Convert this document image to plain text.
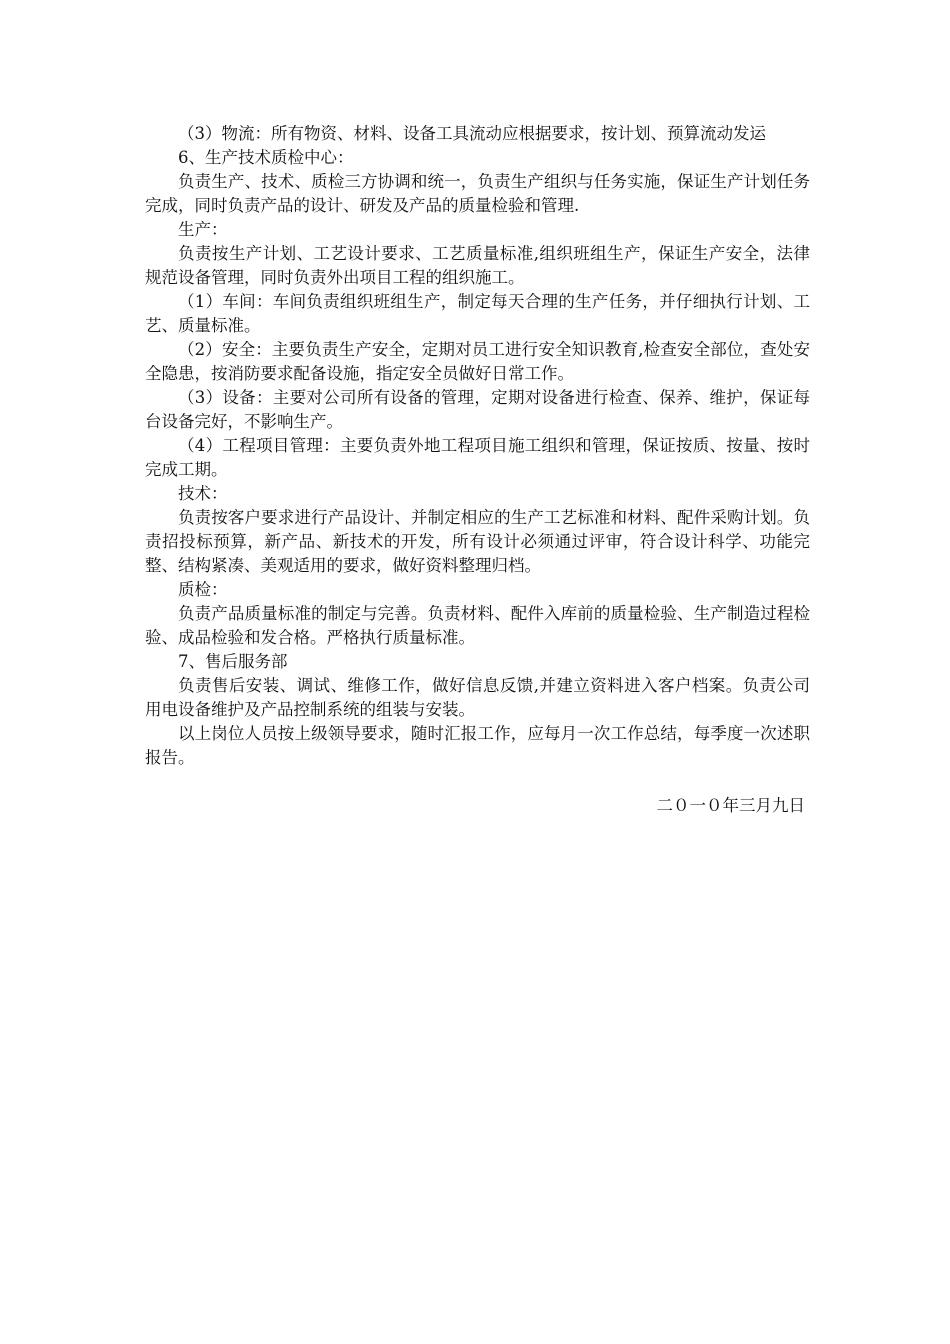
（3）物流：所有物资、材料、设备工具流动应根据要求，按计划、预算流动发运

6、生产技术质检中心：

负责生产、技术、质检三方协调和统一，负责生产组织与任务实施，保证生产计划任务完成，同时负责产品的设计、研发及产品的质量检验和管理.

生产：

负责按生产计划、工艺设计要求、工艺质量标准,组织班组生产，保证生产安全，法律规范设备管理，同时负责外出项目工程的组织施工。

（1）车间：车间负责组织班组生产，制定每天合理的生产任务，并仔细执行计划、工艺、质量标准。

（2）安全：主要负责生产安全，定期对员工进行安全知识教育,检查安全部位，查处安全隐患，按消防要求配备设施，指定安全员做好日常工作。

（3）设备：主要对公司所有设备的管理，定期对设备进行检查、保养、维护，保证每台设备完好，不影响生产。

（4）工程项目管理：主要负责外地工程项目施工组织和管理，保证按质、按量、按时完成工期。

技术：

负责按客户要求进行产品设计、并制定相应的生产工艺标准和材料、配件采购计划。负责招投标预算，新产品、新技术的开发，所有设计必须通过评审，符合设计科学、功能完整、结构紧凑、美观适用的要求，做好资料整理归档。

质检：

负责产品质量标准的制定与完善。负责材料、配件入库前的质量检验、生产制造过程检验、成品检验和发合格。严格执行质量标准。

7、售后服务部

负责售后安装、调试、维修工作，做好信息反馈,并建立资料进入客户档案。负责公司用电设备维护及产品控制系统的组装与安装。

以上岗位人员按上级领导要求，随时汇报工作，应每月一次工作总结，每季度一次述职报告。

二０一０年三月九日
